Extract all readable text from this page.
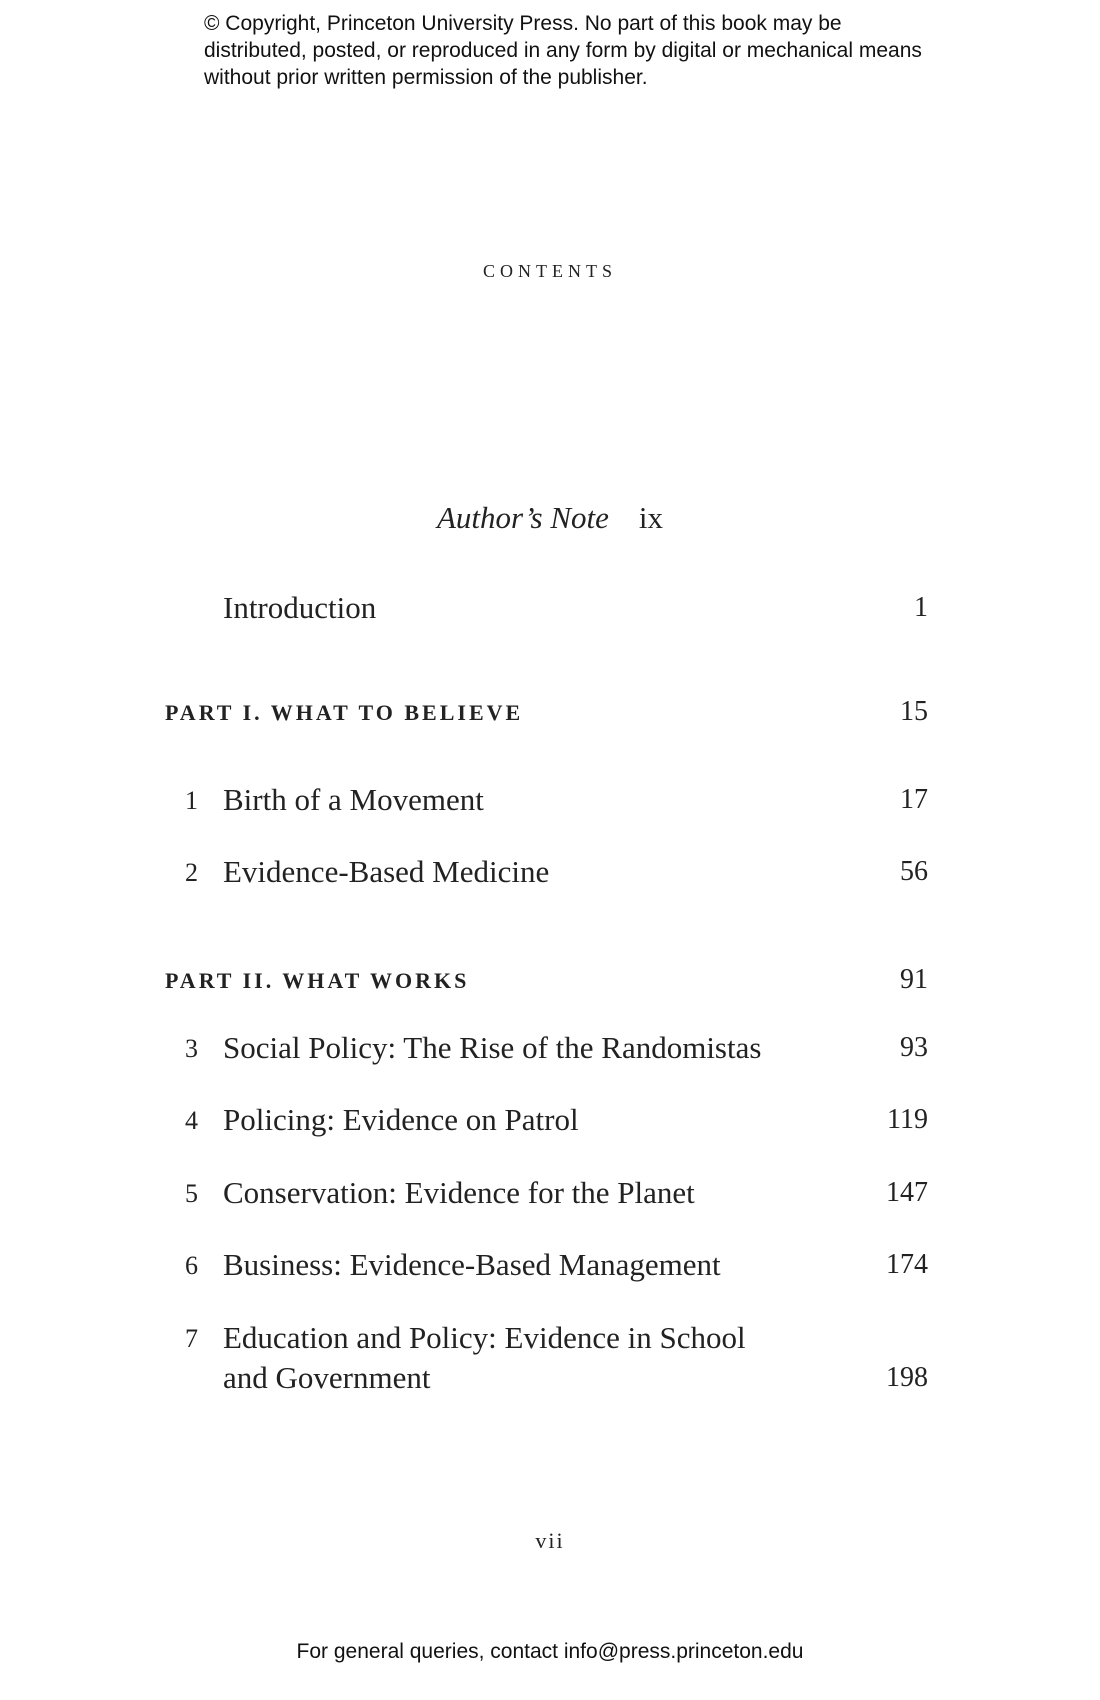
© Copyright, Princeton University Press. No part of this book may be distributed, posted, or reproduced in any form by digital or mechanical means without prior written permission of the publisher.
contents
Author’s Note ix
Introduction	1
PART I. WHAT TO BELIEVE	15
1 Birth of a Movement	17
2 Evidence-Based Medicine	56
PART II. WHAT WORKS	91
3 Social Policy: The Rise of the Randomistas	93
4 Policing: Evidence on Patrol	119
5 Conservation: Evidence for the Planet	147
6 Business: Evidence-Based Management	174
7 Education and Policy: Evidence in School and Government	198
vii
For general queries, contact info@press.princeton.edu
